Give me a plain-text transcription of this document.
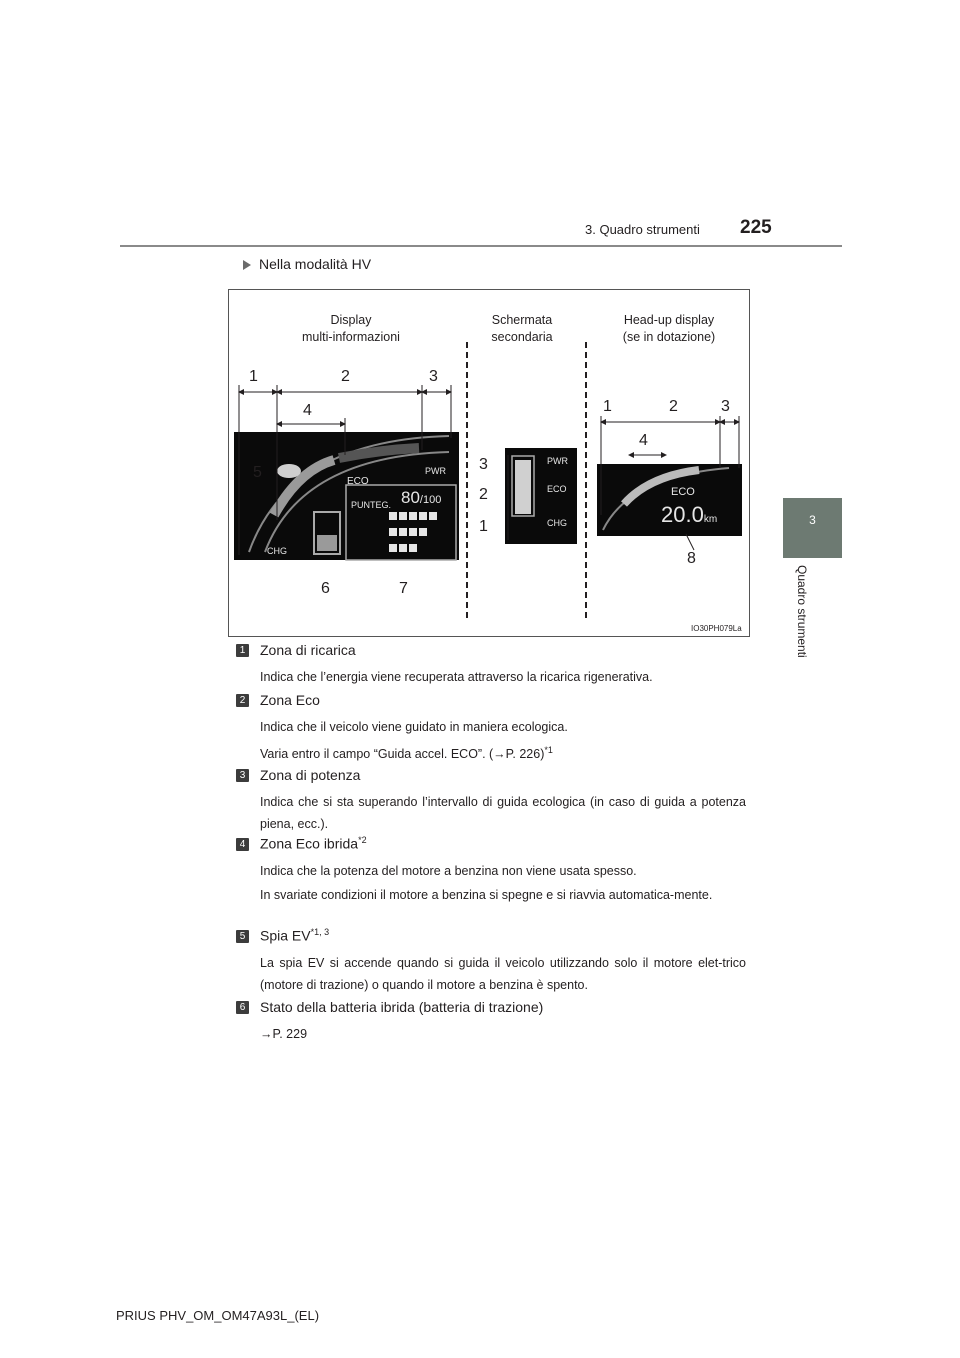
3. Quadro strumenti 225
3
Quadro strumenti
Nella modalità HV
Display
multi-informazioni
Schermata
secondaria
Head-up display
(se in dotazione)
ECO
PWR
CHG
PUNTEG. 80/100
PWR
ECO
CHG
ECO
20.0km
1	2	3
4
5
6	7
3
2
1
1	2	3
4
8
IO30PH079La
1 Zona di ricarica
Indica che l’energia viene recuperata attraverso la ricarica rigenerativa.
2 Zona Eco
Indica che il veicolo viene guidato in maniera ecologica.
Varia entro il campo “Guida accel. ECO”. (→P. 226)$^{*1}$
3 Zona di potenza
Indica che si sta superando l’intervallo di guida ecologica (in caso di guida a potenza piena, ecc.).
4 Zona Eco ibrida$^{*2}$
Indica che la potenza del motore a benzina non viene usata spesso.
In svariate condizioni il motore a benzina si spegne e si riavvia automatica-mente.
5 Spia EV$^{*1, 3}$
La spia EV si accende quando si guida il veicolo utilizzando solo il motore elet-trico (motore di trazione) o quando il motore a benzina è spento.
6 Stato della batteria ibrida (batteria di trazione)
→P. 229
PRIUS PHV_OM_OM47A93L_(EL)
